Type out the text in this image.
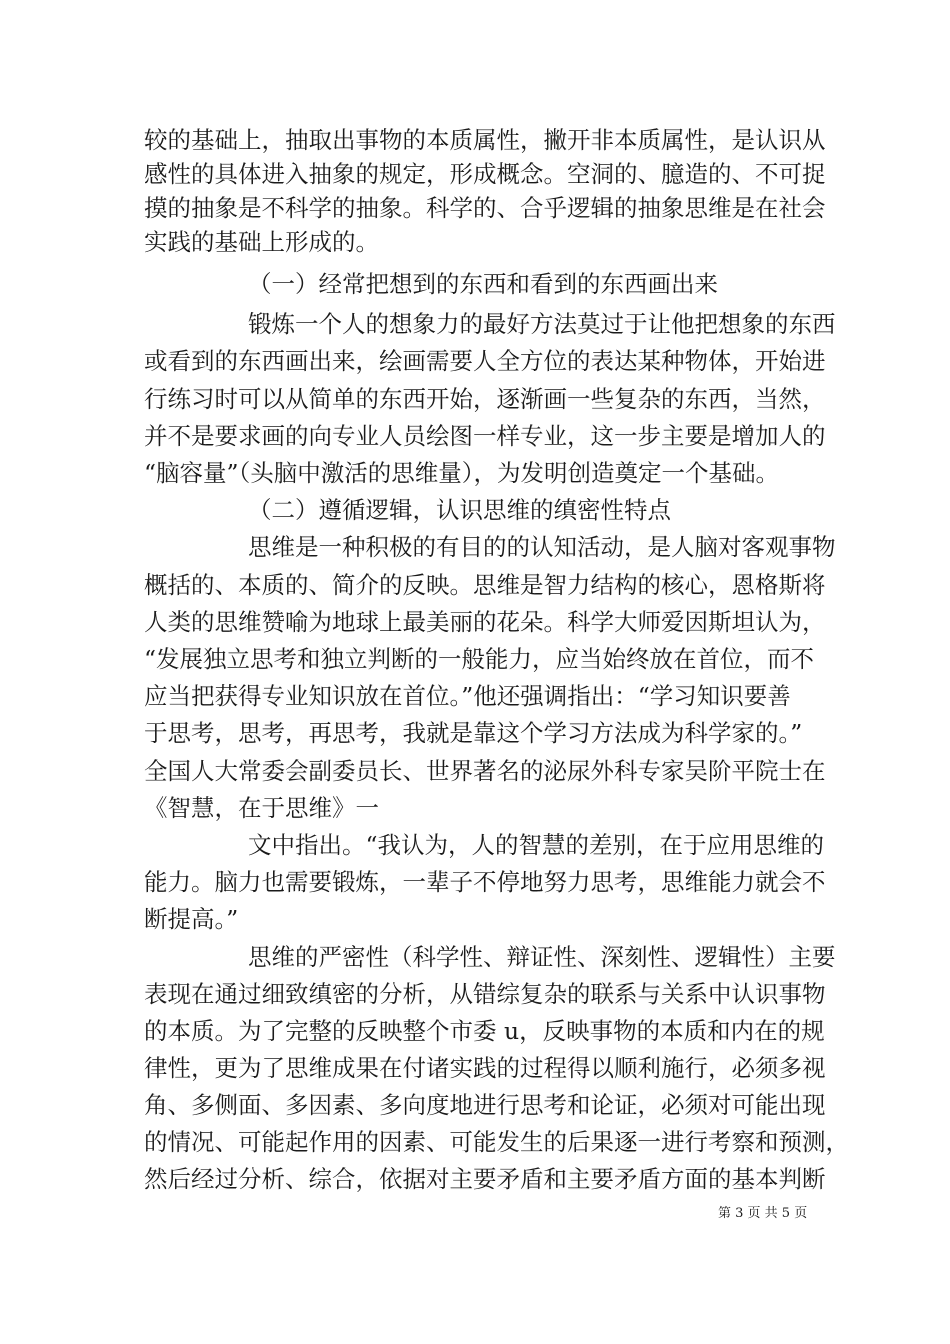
较的基础上，抽取出事物的本质属性，撇开非本质属性，是认识从
感性的具体进入抽象的规定，形成概念。空洞的、臆造的、不可捉
摸的抽象是不科学的抽象。科学的、合乎逻辑的抽象思维是在社会
实践的基础上形成的。
（一）经常把想到的东西和看到的东西画出来
锻炼一个人的想象力的最好方法莫过于让他把想象的东西
或看到的东西画出来，绘画需要人全方位的表达某种物体，开始进
行练习时可以从简单的东西开始，逐渐画一些复杂的东西，当然，
并不是要求画的向专业人员绘图一样专业，这一步主要是增加人的
“脑容量”（头脑中激活的思维量），为发明创造奠定一个基础。
（二）遵循逻辑，认识思维的缜密性特点
思维是一种积极的有目的的认知活动，是人脑对客观事物
概括的、本质的、简介的反映。思维是智力结构的核心，恩格斯将
人类的思维赞喻为地球上最美丽的花朵。科学大师爱因斯坦认为，
“发展独立思考和独立判断的一般能力，应当始终放在首位，而不
应当把获得专业知识放在首位。”他还强调指出：“学习知识要善
于思考，思考，再思考，我就是靠这个学习方法成为科学家的。”
全国人大常委会副委员长、世界著名的泌尿外科专家吴阶平院士在
《智慧，在于思维》一
文中指出。“我认为，人的智慧的差别，在于应用思维的
能力。脑力也需要锻炼，一辈子不停地努力思考，思维能力就会不
断提高。”
思维的严密性（科学性、辩证性、深刻性、逻辑性）主要
表现在通过细致缜密的分析，从错综复杂的联系与关系中认识事物
的本质。为了完整的反映整个市委 u，反映事物的本质和内在的规
律性，更为了思维成果在付诸实践的过程得以顺利施行，必须多视
角、多侧面、多因素、多向度地进行思考和论证，必须对可能出现
的情况、可能起作用的因素、可能发生的后果逐一进行考察和预测，
然后经过分析、综合，依据对主要矛盾和主要矛盾方面的基本判断
第 3 页 共 5 页
